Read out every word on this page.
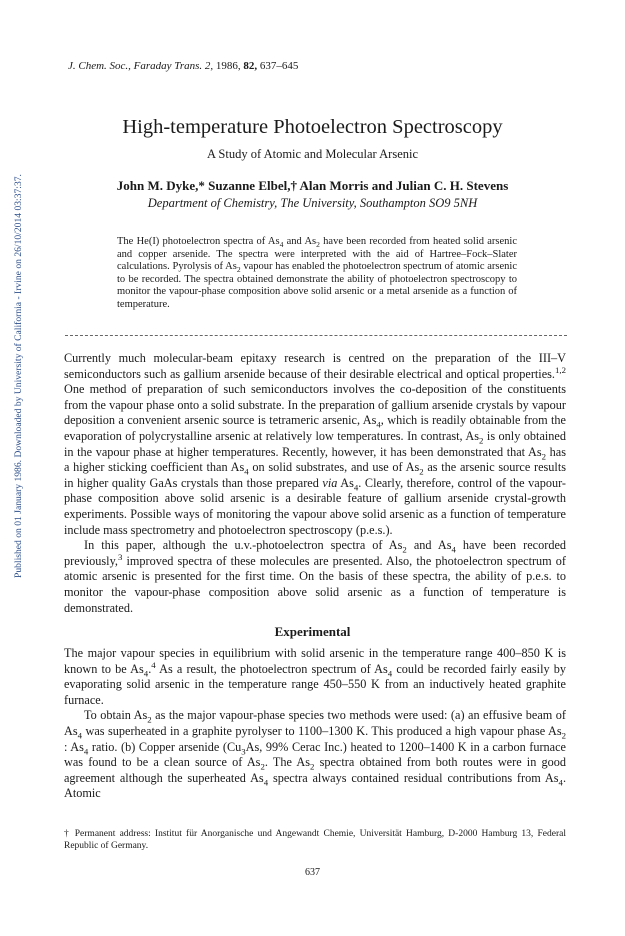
Published on 01 January 1986. Downloaded by University of California - Irvine on 26/10/2014 03:37:37.
J. Chem. Soc., Faraday Trans. 2, 1986, 82, 637–645
High-temperature Photoelectron Spectroscopy
A Study of Atomic and Molecular Arsenic
John M. Dyke,* Suzanne Elbel,† Alan Morris and Julian C. H. Stevens
Department of Chemistry, The University, Southampton SO9 5NH
The He(I) photoelectron spectra of $As_4$ and $As_2$ have been recorded from heated solid arsenic and copper arsenide. The spectra were interpreted with the aid of Hartree–Fock–Slater calculations. Pyrolysis of $As_2$ vapour has enabled the photoelectron spectrum of atomic arsenic to be recorded. The spectra obtained demonstrate the ability of photoelectron spectroscopy to monitor the vapour-phase composition above solid arsenic or a metal arsenide as a function of temperature.

Currently much molecular-beam epitaxy research is centred on the preparation of the III–V semiconductors such as gallium arsenide because of their desirable electrical and optical properties.$^{1,2}$ One method of preparation of such semiconductors involves the co-deposition of the constituents from the vapour phase onto a solid substrate. In the preparation of gallium arsenide crystals by vapour deposition a convenient arsenic source is tetrameric arsenic, $As_4$, which is readily obtainable from the evaporation of polycrystalline arsenic at relatively low temperatures. In contrast, $As_2$ is only obtained in the vapour phase at higher temperatures. Recently, however, it has been demonstrated that $As_2$ has a higher sticking coefficient than $As_4$ on solid substrates, and use of $As_2$ as the arsenic source results in higher quality GaAs crystals than those prepared via $As_4$. Clearly, therefore, control of the vapour-phase composition above solid arsenic is a desirable feature of gallium arsenide crystal-growth experiments. Possible ways of monitoring the vapour above solid arsenic as a function of temperature include mass spectrometry and photoelectron spectroscopy (p.e.s.).

In this paper, although the u.v.-photoelectron spectra of $As_2$ and $As_4$ have been recorded previously,$^3$ improved spectra of these molecules are presented. Also, the photoelectron spectrum of atomic arsenic is presented for the first time. On the basis of these spectra, the ability of p.e.s. to monitor the vapour-phase composition above solid arsenic as a function of temperature is demonstrated.

Experimental

The major vapour species in equilibrium with solid arsenic in the temperature range 400–850 K is known to be $As_4.^4$ As a result, the photoelectron spectrum of $As_4$ could be recorded fairly easily by evaporating solid arsenic in the temperature range 450–550 K from an inductively heated graphite furnace.

To obtain $As_2$ as the major vapour-phase species two methods were used: (a) an effusive beam of $As_4$ was superheated in a graphite pyrolyser to 1100–1300 K. This produced a high vapour phase $As_2$ : $As_4$ ratio. (b) Copper arsenide ($Cu_3As$, 99% Cerac Inc.) heated to 1200–1400 K in a carbon furnace was found to be a clean source of $As_2$. The $As_2$ spectra obtained from both routes were in good agreement although the superheated $As_4$ spectra always contained residual contributions from $As_4$. Atomic

† Permanent address: Institut für Anorganische und Angewandt Chemie, Universität Hamburg, D-2000 Hamburg 13, Federal Republic of Germany.
637
